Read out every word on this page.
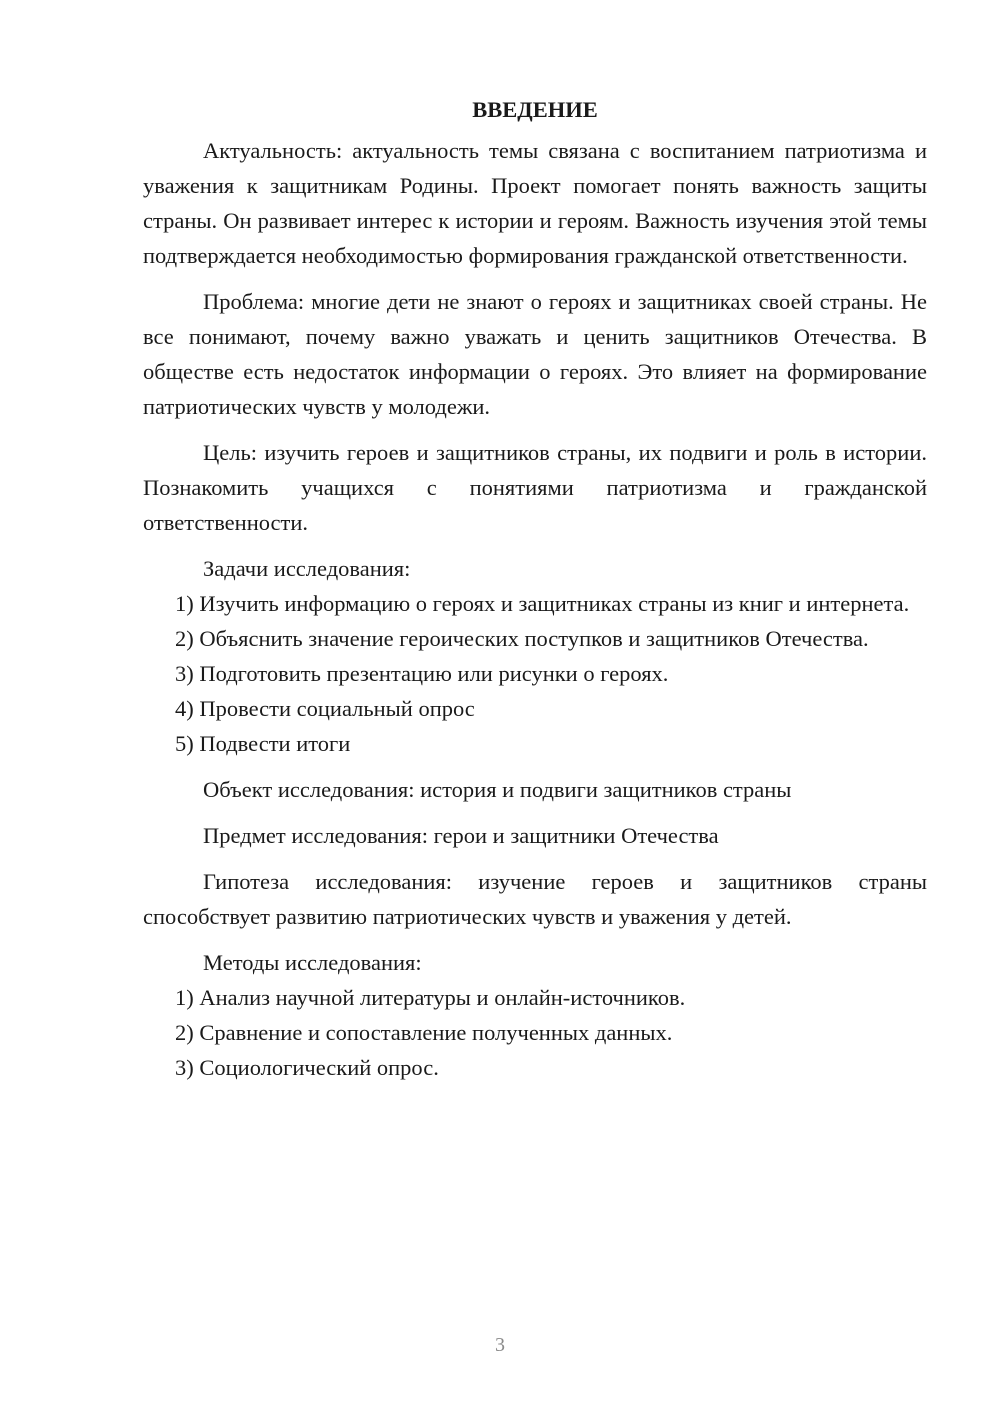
ВВЕДЕНИЕ

Актуальность: актуальность темы связана с воспитанием патриотизма и уважения к защитникам Родины. Проект помогает понять важность защиты страны. Он развивает интерес к истории и героям. Важность изучения этой темы подтверждается необходимостью формирования гражданской ответственности.

Проблема: многие дети не знают о героях и защитниках своей страны. Не все понимают, почему важно уважать и ценить защитников Отечества. В обществе есть недостаток информации о героях. Это влияет на формирование патриотических чувств у молодежи.

Цель: изучить героев и защитников страны, их подвиги и роль в истории. Познакомить учащихся с понятиями патриотизма и гражданской ответственности.

Задачи исследования:

1) Изучить информацию о героях и защитниках страны из книг и интернета.

2) Объяснить значение героических поступков и защитников Отечества.

3) Подготовить презентацию или рисунки о героях.

4) Провести социальный опрос

5) Подвести итоги

Объект исследования: история и подвиги защитников страны

Предмет исследования: герои и защитники Отечества

Гипотеза исследования: изучение героев и защитников страны способствует развитию патриотических чувств и уважения у детей.

Методы исследования:

1) Анализ научной литературы и онлайн-источников.

2) Сравнение и сопоставление полученных данных.

3) Социологический опрос.

3
